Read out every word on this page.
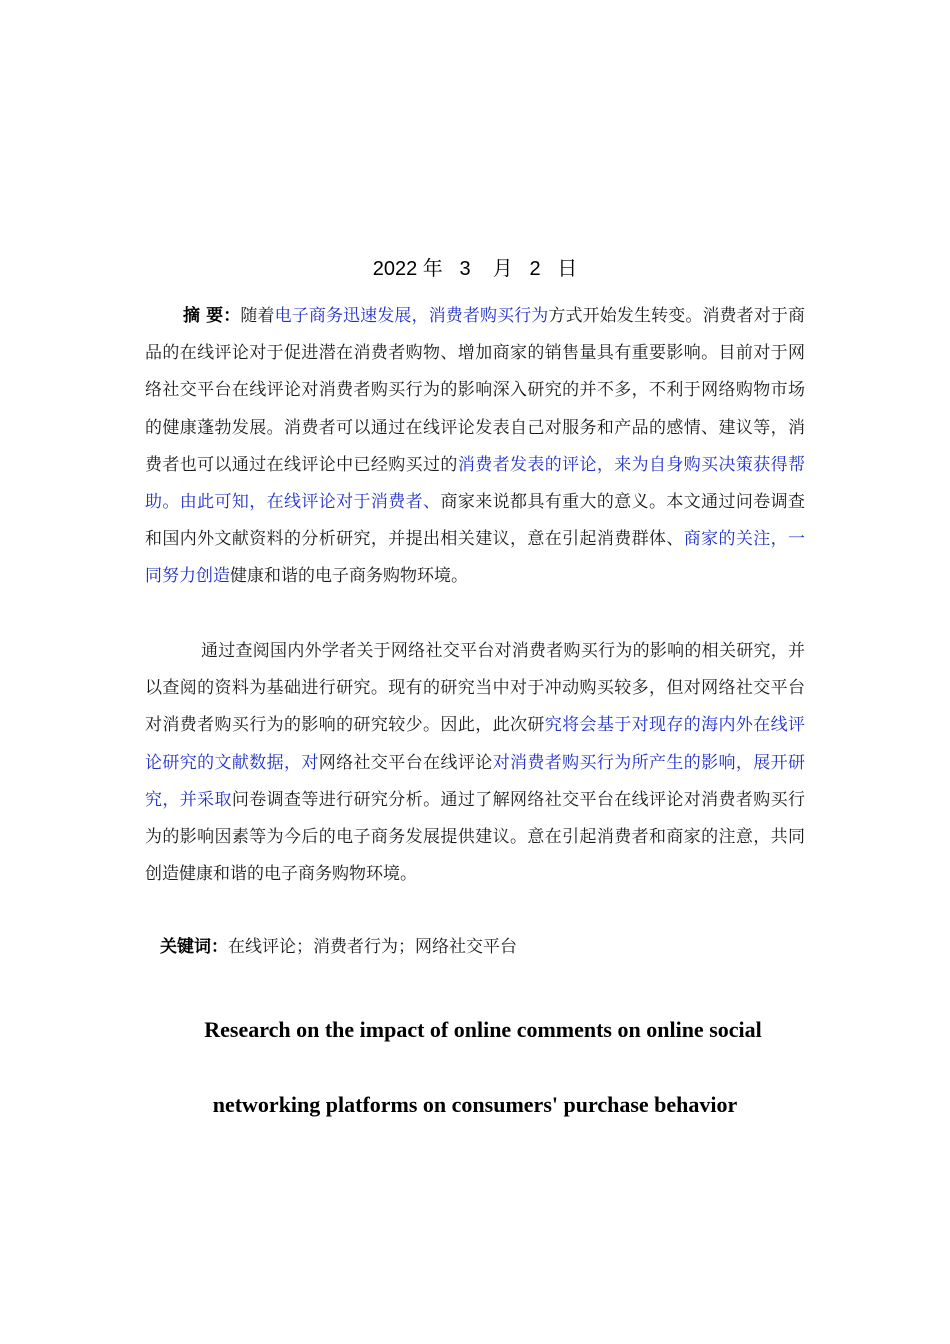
2022 年   3    月   2   日

摘 要：随着电子商务迅速发展，消费者购买行为方式开始发生转变。消费者对于商品的在线评论对于促进潜在消费者购物、增加商家的销售量具有重要影响。目前对于网络社交平台在线评论对消费者购买行为的影响深入研究的并不多，不利于网络购物市场的健康蓬勃发展。消费者可以通过在线评论发表自己对服务和产品的感情、建议等，消费者也可以通过在线评论中已经购买过的消费者发表的评论，来为自身购买决策获得帮助。由此可知，在线评论对于消费者、商家来说都具有重大的意义。本文通过问卷调查和国内外文献资料的分析研究，并提出相关建议，意在引起消费群体、商家的关注，一同努力创造健康和谐的电子商务购物环境。

通过查阅国内外学者关于网络社交平台对消费者购买行为的影响的相关研究，并以查阅的资料为基础进行研究。现有的研究当中对于冲动购买较多，但对网络社交平台对消费者购买行为的影响的研究较少。因此，此次研究将会基于对现存的海内外在线评论研究的文献数据，对网络社交平台在线评论对消费者购买行为所产生的影响，展开研究，并采取问卷调查等进行研究分析。通过了解网络社交平台在线评论对消费者购买行为的影响因素等为今后的电子商务发展提供建议。意在引起消费者和商家的注意，共同创造健康和谐的电子商务购物环境。

关键词：在线评论；消费者行为；网络社交平台
Research on the impact of online comments on online social
networking platforms on consumers' purchase behavior
